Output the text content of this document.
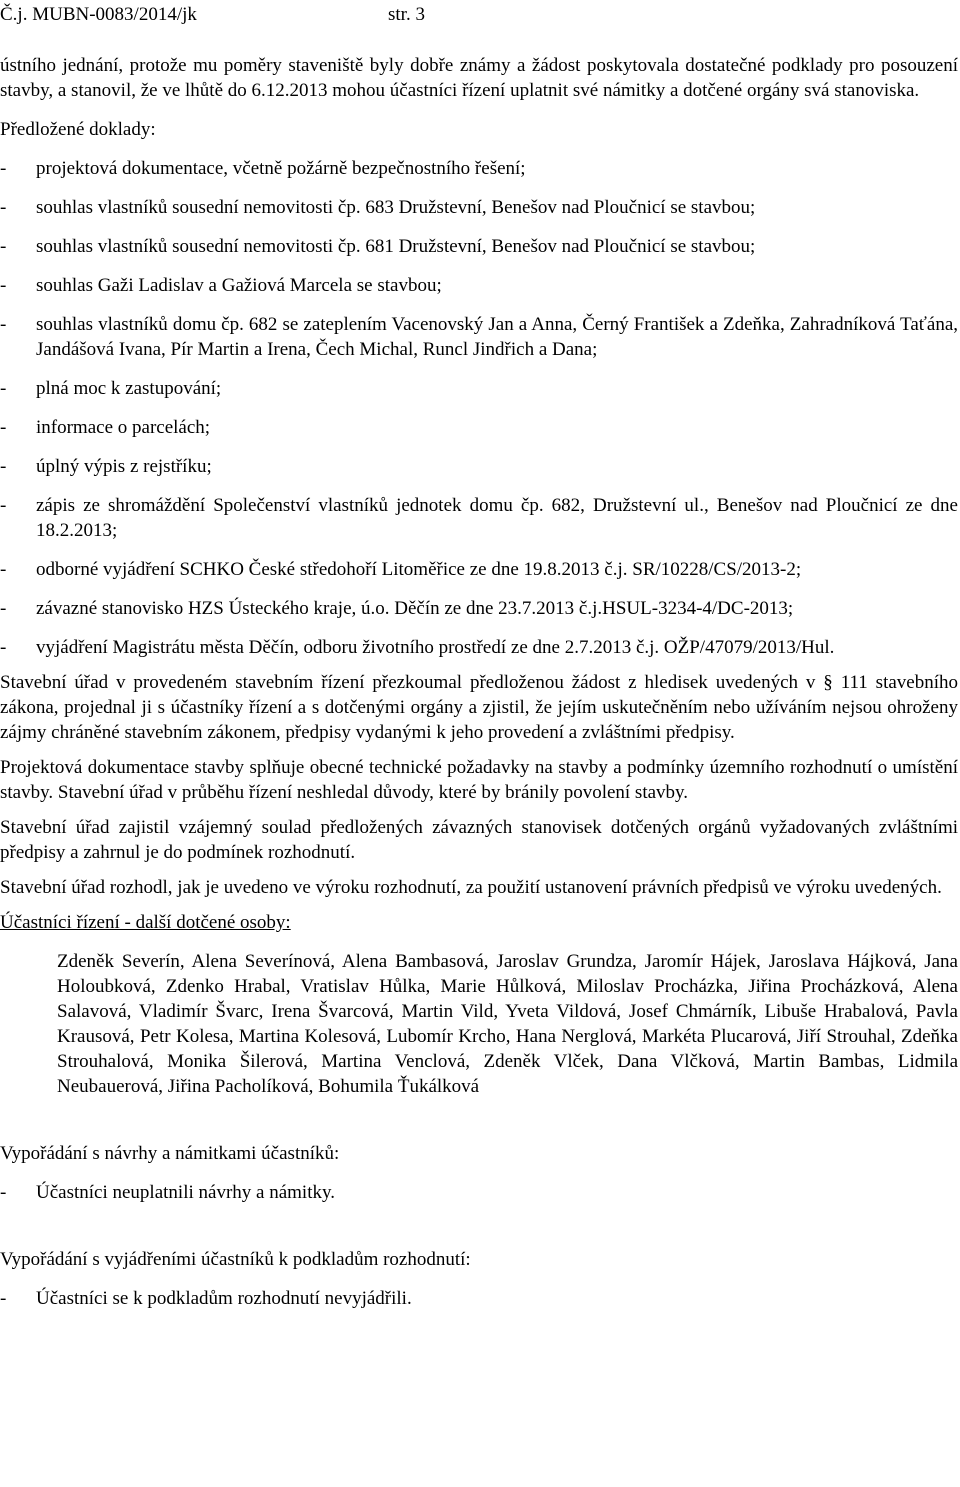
Č.j. MUBN-0083/2014/jk	str. 3

ústního jednání, protože mu poměry staveniště byly dobře známy a žádost poskytovala dostatečné podklady pro posouzení stavby, a stanovil, že ve lhůtě do 6.12.2013 mohou účastníci řízení uplatnit své námitky a dotčené orgány svá stanoviska.

Předložené doklady:

- projektová dokumentace, včetně požárně bezpečnostního řešení;
- souhlas vlastníků sousední nemovitosti čp. 683 Družstevní, Benešov nad Ploučnicí se stavbou;
- souhlas vlastníků sousední nemovitosti čp. 681 Družstevní, Benešov nad Ploučnicí se stavbou;
- souhlas Gaži Ladislav a Gažiová Marcela se stavbou;
- souhlas vlastníků domu čp. 682 se zateplením Vacenovský Jan a Anna, Černý František a Zdeňka, Zahradníková Taťána, Jandášová Ivana, Pír Martin a Irena, Čech Michal, Runcl Jindřich a Dana;
- plná moc k zastupování;
- informace o parcelách;
- úplný výpis z rejstříku;
- zápis ze shromáždění Společenství vlastníků jednotek domu čp. 682, Družstevní ul., Benešov nad Ploučnicí ze dne 18.2.2013;
- odborné vyjádření SCHKO České středohoří Litoměřice ze dne 19.8.2013 č.j. SR/10228/CS/2013-2;
- závazné stanovisko HZS Ústeckého kraje, ú.o. Děčín ze dne 23.7.2013 č.j.HSUL-3234-4/DC-2013;
- vyjádření Magistrátu města Děčín, odboru životního prostředí ze dne 2.7.2013 č.j. OŽP/47079/2013/Hul.

Stavební úřad v provedeném stavebním řízení přezkoumal předloženou žádost z hledisek uvedených v § 111 stavebního zákona, projednal ji s účastníky řízení a s dotčenými orgány a zjistil, že jejím uskutečněním nebo užíváním nejsou ohroženy zájmy chráněné stavebním zákonem, předpisy vydanými k jeho provedení a zvláštními předpisy.

Projektová dokumentace stavby splňuje obecné technické požadavky na stavby a podmínky územního rozhodnutí o umístění stavby. Stavební úřad v průběhu řízení neshledal důvody, které by bránily povolení stavby.

Stavební úřad zajistil vzájemný soulad předložených závazných stanovisek dotčených orgánů vyžadovaných zvláštními předpisy a zahrnul je do podmínek rozhodnutí.

Stavební úřad rozhodl, jak je uvedeno ve výroku rozhodnutí, za použití ustanovení právních předpisů ve výroku uvedených.

Účastníci řízení - další dotčené osoby:

Zdeněk Severín, Alena Severínová, Alena Bambasová, Jaroslav Grundza, Jaromír Hájek, Jaroslava Hájková, Jana Holoubková, Zdenko Hrabal, Vratislav Hůlka, Marie Hůlková, Miloslav Procházka, Jiřina Procházková, Alena Salavová, Vladimír Švarc, Irena Švarcová, Martin Vild, Yveta Vildová, Josef Chmárník, Libuše Hrabalová, Pavla Krausová, Petr Kolesa, Martina Kolesová, Lubomír Krcho, Hana Nerglová, Markéta Plucarová, Jiří Strouhal, Zdeňka Strouhalová, Monika Šilerová, Martina Venclová, Zdeněk Vlček, Dana Vlčková, Martin Bambas, Lidmila Neubauerová, Jiřina Pacholíková, Bohumila Ťukálková

Vypořádání s návrhy a námitkami účastníků:

- Účastníci neuplatnili návrhy a námitky.

Vypořádání s vyjádřeními účastníků k podkladům rozhodnutí:

- Účastníci se k podkladům rozhodnutí nevyjádřili.
